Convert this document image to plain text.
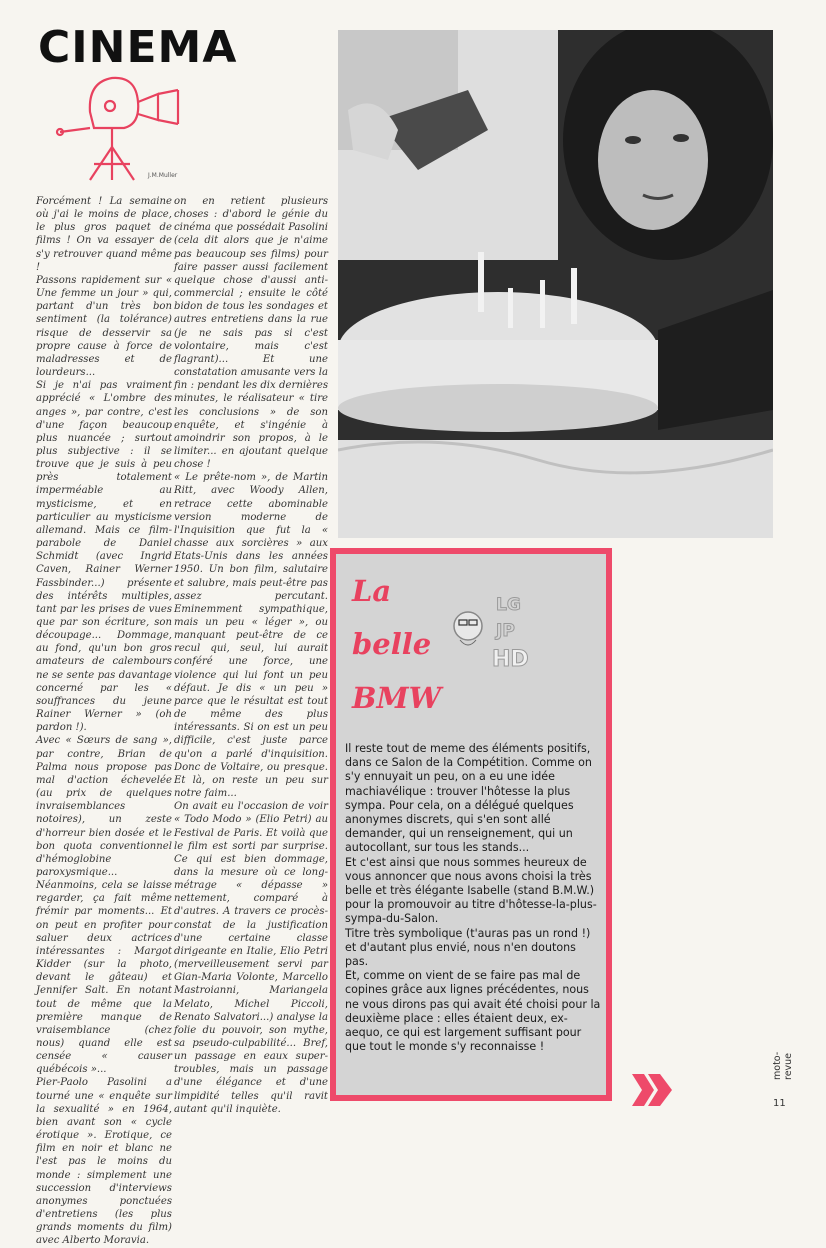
CINEMA
J.M.Muller

Forcément ! La semaine où j'ai le moins de place, le plus gros paquet de films ! On va essayer de s'y retrouver quand même !

Passons rapidement sur « Une femme un jour » qui, partant d'un très bon sentiment (la tolérance) risque de desservir sa propre cause à force de maladresses et de lourdeurs...

Si je n'ai pas vraiment apprécié « L'ombre des anges », par contre, c'est d'une façon beaucoup plus nuancée ; surtout plus subjective : il se trouve que je suis à peu près totalement imperméable au mysticisme, et en particulier au mysticisme allemand. Mais ce film-parabole de Daniel Schmidt (avec Ingrid Caven, Rainer Werner Fassbinder...) présente des intérêts multiples, tant par les prises de vues que par son écriture, son découpage... Dommage, au fond, qu'un bon gros amateurs de calembours ne se sente pas davantage concerné par les « souffrances du jeune Rainer Werner » (oh pardon !).

Avec « Sœurs de sang », par contre, Brian de Palma nous propose pas mal d'action échevelée (au prix de quelques invraisemblances notoires), un zeste d'horreur bien dosée et le bon quota conventionnel d'hémoglobine paroxysmique...

Néanmoins, cela se laisse regarder, ça fait même frémir par moments... Et on peut en profiter pour saluer deux actrices intéressantes : Margot Kidder (sur la photo, devant le gâteau) et Jennifer Salt. En notant tout de même que la première manque de vraisemblance (chez nous) quand elle est censée « causer québécois »...

Pier-Paolo Pasolini a tourné une « enquête sur la sexualité » en 1964, bien avant son « cycle érotique ». Erotique, ce film en noir et blanc ne l'est pas le moins du monde : simplement une succession d'interviews anonymes ponctuées d'entretiens (les plus grands moments du film) avec Alberto Moravia.

on en retient plusieurs choses : d'abord le génie du cinéma que possédait Pasolini (cela dit alors que je n'aime pas beaucoup ses films) pour faire passer aussi facilement quelque chose d'aussi anti-commercial ; ensuite le côté bidon de tous les sondages et autres entretiens dans la rue (je ne sais pas si c'est volontaire, mais c'est flagrant)... Et une constatation amusante vers la fin : pendant les dix dernières minutes, le réalisateur « tire les conclusions » de son enquête, et s'ingénie à amoindrir son propos, à le limiter... en ajoutant quelque chose !

« Le prête-nom », de Martin Ritt, avec Woody Allen, retrace cette abominable version moderne de l'Inquisition que fut la « chasse aux sorcières » aux Etats-Unis dans les années 1950. Un bon film, salutaire et salubre, mais peut-être pas assez percutant. Eminemment sympathique, mais un peu « léger », ou manquant peut-être de ce recul qui, seul, lui aurait conféré une force, une violence qui lui font un peu défaut. Je dis « un peu » parce que le résultat est tout de même des plus intéressants. Si on est un peu difficile, c'est juste parce qu'on a parlé d'inquisition. Donc de Voltaire, ou presque. Et là, on reste un peu sur notre faim...

On avait eu l'occasion de voir « Todo Modo » (Elio Petri) au Festival de Paris. Et voilà que le film est sorti par surprise. Ce qui est bien dommage, dans la mesure où ce long-métrage « dépasse » nettement, comparé à d'autres. A travers ce procès-constat de la justification d'une certaine classe dirigeante en Italie, Elio Petri (merveilleusement servi par Gian-Maria Volonte, Marcello Mastroianni, Mariangela Melato, Michel Piccoli, Renato Salvatori...) analyse la folie du pouvoir, son mythe, sa pseudo-culpabilité... Bref, un passage en eaux super-troubles, mais un passage d'une élégance et d'une limpidité telles qu'il ravit autant qu'il inquiète.

La
belle
BMW
LG
JP
HD

Il reste tout de meme des éléments positifs, dans ce Salon de la Compétition. Comme on s'y ennuyait un peu, on a eu une idée machiavélique : trouver l'hôtesse la plus sympa. Pour cela, on a délégué quelques anonymes discrets, qui s'en sont allé demander, qui un renseignement, qui un autocollant, sur tous les stands...

Et c'est ainsi que nous sommes heureux de vous annoncer que nous avons choisi la très belle et très élégante Isabelle (stand B.M.W.) pour la promouvoir au titre d'hôtesse-la-plus-sympa-du-Salon.

Titre très symbolique (t'auras pas un rond !) et d'autant plus envié, nous n'en doutons pas.

Et, comme on vient de se faire pas mal de copines grâce aux lignes précédentes, nous ne vous dirons pas qui avait été choisi pour la deuxième place : elles étaient deux, ex-aequo, ce qui est largement suffisant pour que tout le monde s'y reconnaisse !

moto-revue
11
